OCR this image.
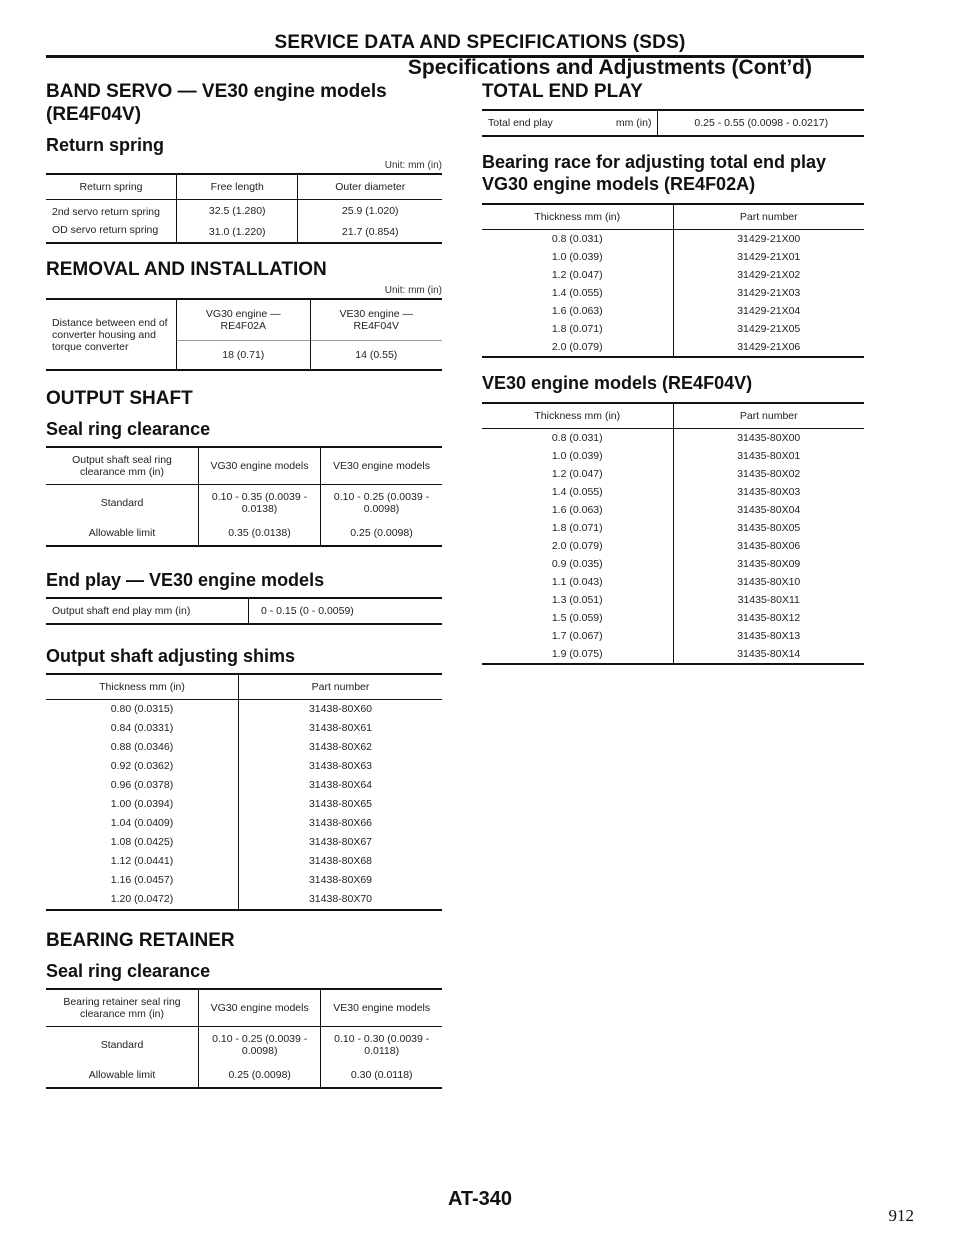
SERVICE DATA AND SPECIFICATIONS (SDS)
Specifications and Adjustments (Cont’d)
BAND SERVO — VE30 engine models (RE4F04V)
Return spring
Unit: mm (in)
Return spring	Free length	Outer diameter
2nd servo return spring	32.5 (1.280)	25.9 (1.020)
OD servo return spring	31.0 (1.220)	21.7 (0.854)
REMOVAL AND INSTALLATION
Unit: mm (in)
Distance between end of converter housing and torque converter	VG30 engine — RE4F02A	VE30 engine — RE4F04V
	18 (0.71)	14 (0.55)
OUTPUT SHAFT
Seal ring clearance
Output shaft seal ring clearance mm (in)	VG30 engine models	VE30 engine models
Standard	0.10 - 0.35 (0.0039 - 0.0138)	0.10 - 0.25 (0.0039 - 0.0098)
Allowable limit	0.35 (0.0138)	0.25 (0.0098)
End play — VE30 engine models
Output shaft end play mm (in)	0 - 0.15 (0 - 0.0059)
Output shaft adjusting shims
Thickness mm (in)	Part number
0.80 (0.0315)	31438-80X60
0.84 (0.0331)	31438-80X61
0.88 (0.0346)	31438-80X62
0.92 (0.0362)	31438-80X63
0.96 (0.0378)	31438-80X64
1.00 (0.0394)	31438-80X65
1.04 (0.0409)	31438-80X66
1.08 (0.0425)	31438-80X67
1.12 (0.0441)	31438-80X68
1.16 (0.0457)	31438-80X69
1.20 (0.0472)	31438-80X70
BEARING RETAINER
Seal ring clearance
Bearing retainer seal ring clearance mm (in)	VG30 engine models	VE30 engine models
Standard	0.10 - 0.25 (0.0039 - 0.0098)	0.10 - 0.30 (0.0039 - 0.0118)
Allowable limit	0.25 (0.0098)	0.30 (0.0118)
TOTAL END PLAY
Total end play	mm (in)	0.25 - 0.55 (0.0098 - 0.0217)
Bearing race for adjusting total end play VG30 engine models (RE4F02A)
Thickness mm (in)	Part number
0.8 (0.031)	31429-21X00
1.0 (0.039)	31429-21X01
1.2 (0.047)	31429-21X02
1.4 (0.055)	31429-21X03
1.6 (0.063)	31429-21X04
1.8 (0.071)	31429-21X05
2.0 (0.079)	31429-21X06
VE30 engine models (RE4F04V)
Thickness mm (in)	Part number
0.8 (0.031)	31435-80X00
1.0 (0.039)	31435-80X01
1.2 (0.047)	31435-80X02
1.4 (0.055)	31435-80X03
1.6 (0.063)	31435-80X04
1.8 (0.071)	31435-80X05
2.0 (0.079)	31435-80X06
0.9 (0.035)	31435-80X09
1.1 (0.043)	31435-80X10
1.3 (0.051)	31435-80X11
1.5 (0.059)	31435-80X12
1.7 (0.067)	31435-80X13
1.9 (0.075)	31435-80X14
AT-340
912
